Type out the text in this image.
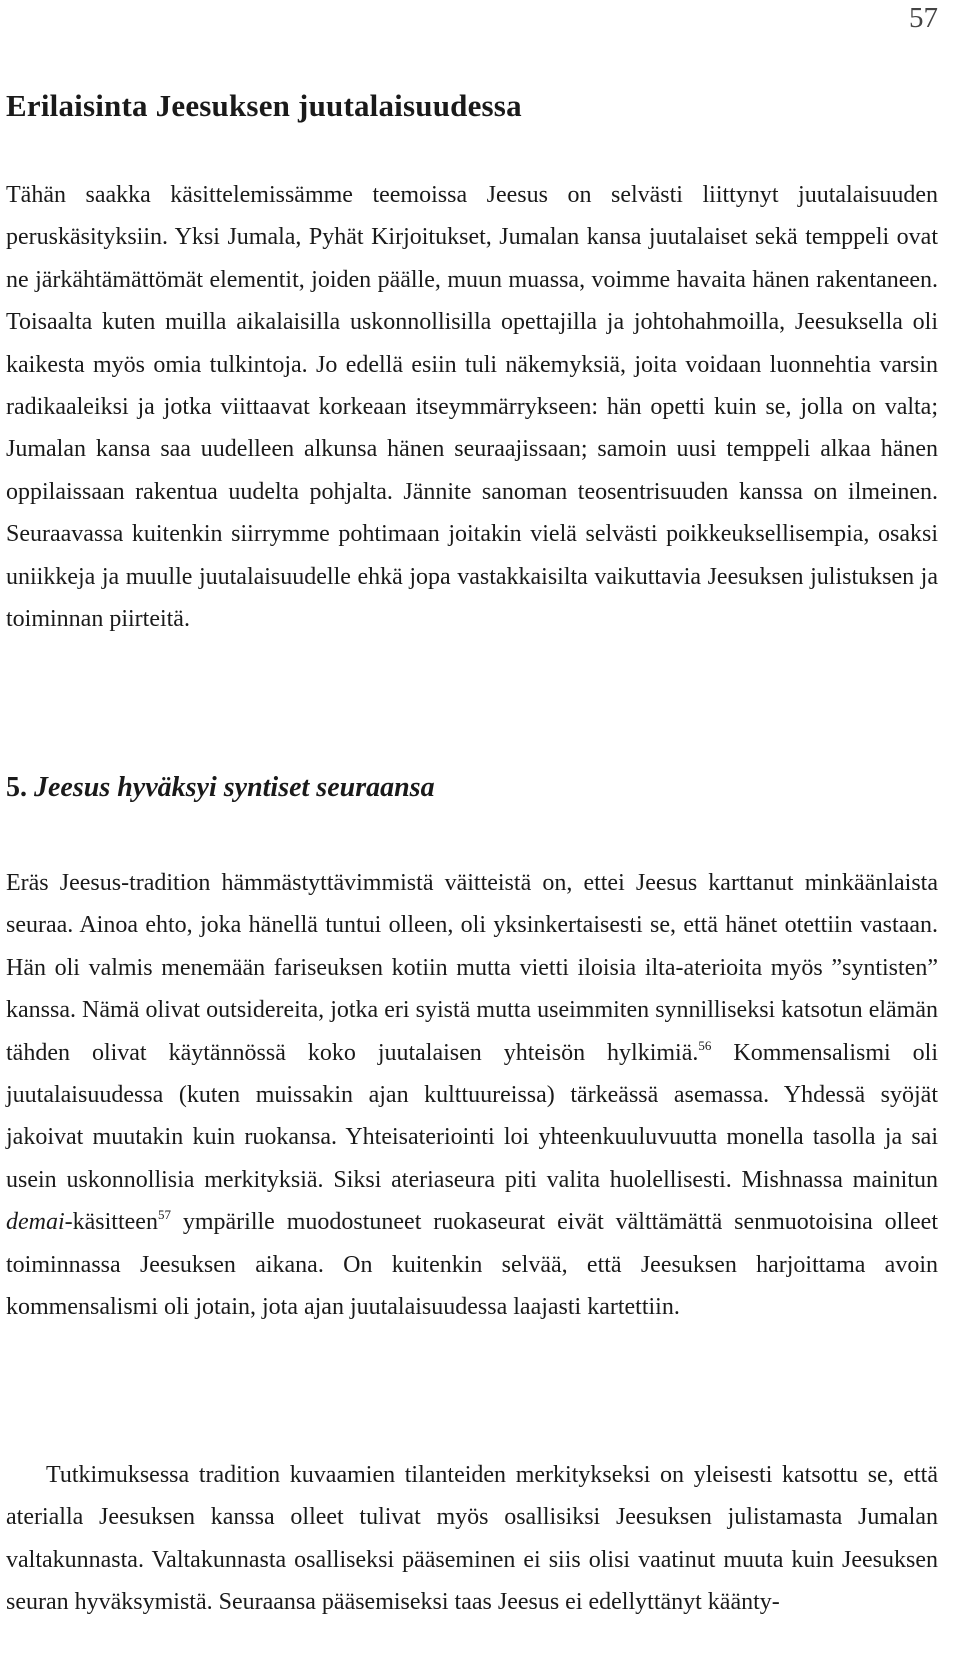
57
Erilaisinta Jeesuksen juutalaisuudessa

Tähän saakka käsittelemissämme teemoissa Jeesus on selvästi liittynyt juutalaisuuden peruskäsityksiin. Yksi Jumala, Pyhät Kirjoitukset, Jumalan kansa juutalaiset sekä temppeli ovat ne järkähtämättömät elementit, joiden päälle, muun muassa, voimme havaita hänen rakentaneen. Toisaalta kuten muilla aikalaisilla uskonnollisilla opettajilla ja johtohahmoilla, Jeesuksella oli kaikesta myös omia tulkintoja. Jo edellä esiin tuli näkemyksiä, joita voidaan luonnehtia varsin radikaaleiksi ja jotka viittaavat korkeaan itseymmärrykseen: hän opetti kuin se, jolla on valta; Jumalan kansa saa uudelleen alkunsa hänen seuraajissaan; samoin uusi temppeli alkaa hänen oppilaissaan rakentua uudelta pohjalta. Jännite sanoman teosentrisuuden kanssa on ilmeinen. Seuraavassa kuitenkin siirrymme pohtimaan joitakin vielä selvästi poikkeuksellisempia, osaksi uniikkeja ja muulle juutalaisuudelle ehkä jopa vastakkaisilta vaikuttavia Jeesuksen julistuksen ja toiminnan piirteitä.

5. Jeesus hyväksyi syntiset seuraansa

Eräs Jeesus-tradition hämmästyttävimmistä väitteistä on, ettei Jeesus karttanut minkäänlaista seuraa. Ainoa ehto, joka hänellä tuntui olleen, oli yksinkertaisesti se, että hänet otettiin vastaan. Hän oli valmis menemään fariseuksen kotiin mutta vietti iloisia ilta-aterioita myös ”syntisten” kanssa. Nämä olivat outsidereita, jotka eri syistä mutta useimmiten synnilliseksi katsotun elämän tähden olivat käytännössä koko juutalaisen yhteisön hylkimiä.$^{56}$ Kommensalismi oli juutalaisuudessa (kuten muissakin ajan kulttuureissa) tärkeässä asemassa. Yhdessä syöjät jakoivat muutakin kuin ruokansa. Yhteisateriointi loi yhteenkuuluvuutta monella tasolla ja sai usein uskonnollisia merkityksiä. Siksi ateriaseura piti valita huolellisesti. Mishnassa mainitun demai-käsitteen$^{57}$ ympärille muodostuneet ruokaseurat eivät välttämättä senmuotoisina olleet toiminnassa Jeesuksen aikana. On kuitenkin selvää, että Jeesuksen harjoittama avoin kommensalismi oli jotain, jota ajan juutalaisuudessa laajasti kartettiin.

Tutkimuksessa tradition kuvaamien tilanteiden merkitykseksi on yleisesti katsottu se, että aterialla Jeesuksen kanssa olleet tulivat myös osallisiksi Jeesuksen julistamasta Jumalan valtakunnasta. Valtakunnasta osalliseksi pääseminen ei siis olisi vaatinut muuta kuin Jeesuksen seuran hyväksymistä. Seuraansa pääsemiseksi taas Jeesus ei edellyttänyt käänty-
